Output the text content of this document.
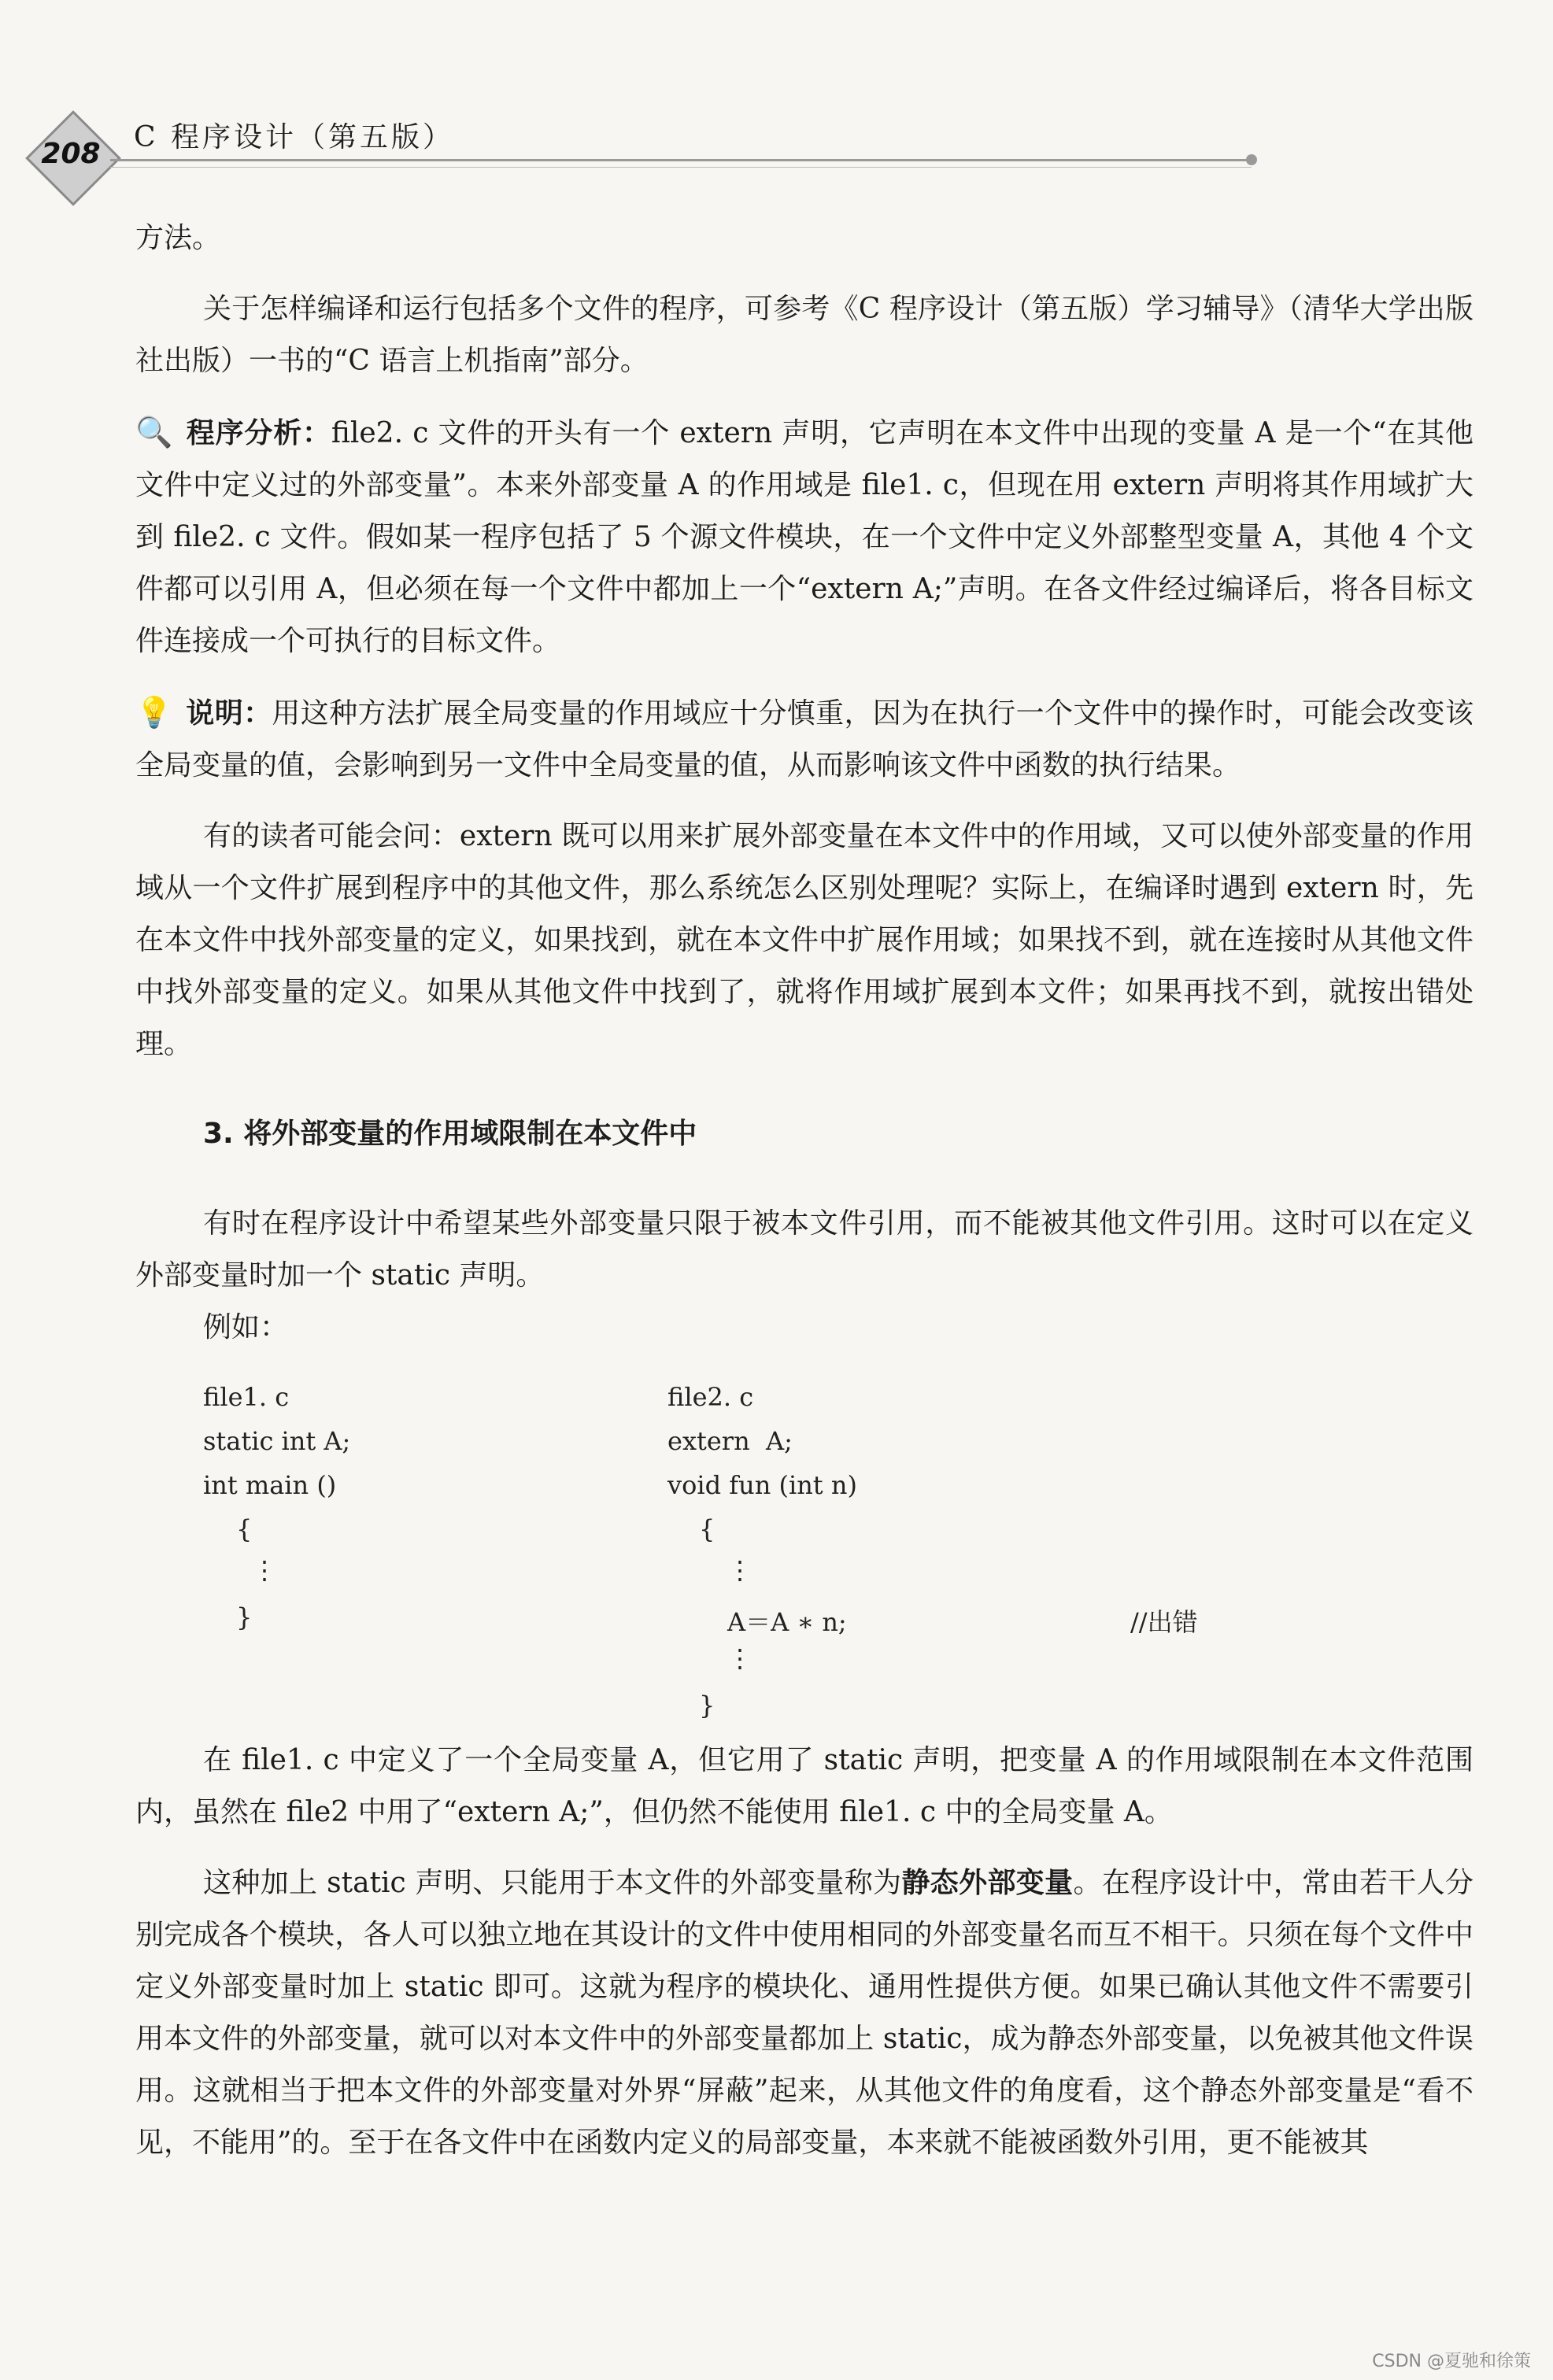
208
C 程序设计（第五版）

方法。

关于怎样编译和运行包括多个文件的程序，可参考《C 程序设计（第五版）学习辅导》（清华大学出版社出版）一书的“C 语言上机指南”部分。

🔍 程序分析：file2. c 文件的开头有一个 extern 声明，它声明在本文件中出现的变量 A 是一个“在其他文件中定义过的外部变量”。本来外部变量 A 的作用域是 file1. c，但现在用 extern 声明将其作用域扩大到 file2. c 文件。假如某一程序包括了 5 个源文件模块，在一个文件中定义外部整型变量 A，其他 4 个文件都可以引用 A，但必须在每一个文件中都加上一个“extern A;”声明。在各文件经过编译后，将各目标文件连接成一个可执行的目标文件。

💡 说明：用这种方法扩展全局变量的作用域应十分慎重，因为在执行一个文件中的操作时，可能会改变该全局变量的值，会影响到另一文件中全局变量的值，从而影响该文件中函数的执行结果。

有的读者可能会问：extern 既可以用来扩展外部变量在本文件中的作用域，又可以使外部变量的作用域从一个文件扩展到程序中的其他文件，那么系统怎么区别处理呢？实际上，在编译时遇到 extern 时，先在本文件中找外部变量的定义，如果找到，就在本文件中扩展作用域；如果找不到，就在连接时从其他文件中找外部变量的定义。如果从其他文件中找到了，就将作用域扩展到本文件；如果再找不到，就按出错处理。

3. 将外部变量的作用域限制在本文件中

有时在程序设计中希望某些外部变量只限于被本文件引用，而不能被其他文件引用。这时可以在定义外部变量时加一个 static 声明。

例如：

file1. c
static int A;
int main ()
{
⋮
}
file2. c
extern  A;
void fun (int n)
{
⋮
A＝A ∗ n;
⋮
}
//出错

在 file1. c 中定义了一个全局变量 A，但它用了 static 声明，把变量 A 的作用域限制在本文件范围内，虽然在 file2 中用了“extern A;”，但仍然不能使用 file1. c 中的全局变量 A。

这种加上 static 声明、只能用于本文件的外部变量称为静态外部变量。在程序设计中，常由若干人分别完成各个模块，各人可以独立地在其设计的文件中使用相同的外部变量名而互不相干。只须在每个文件中定义外部变量时加上 static 即可。这就为程序的模块化、通用性提供方便。如果已确认其他文件不需要引用本文件的外部变量，就可以对本文件中的外部变量都加上 static，成为静态外部变量，以免被其他文件误用。这就相当于把本文件的外部变量对外界“屏蔽”起来，从其他文件的角度看，这个静态外部变量是“看不见，不能用”的。至于在各文件中在函数内定义的局部变量，本来就不能被函数外引用，更不能被其

CSDN @夏驰和徐策
